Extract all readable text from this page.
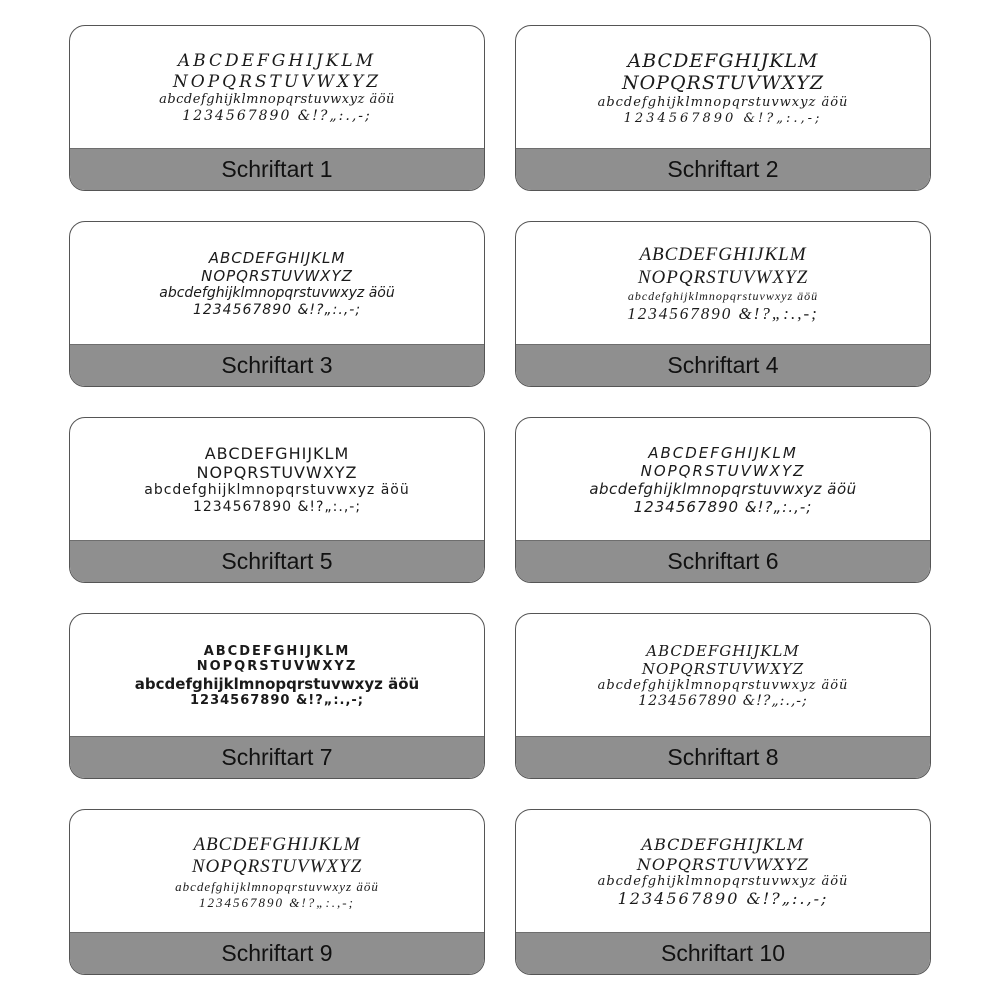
ABCDEFGHIJKLM
NOPQRSTUVWXYZ
abcdefghijklmnopqrstuvwxyz äöü
1234567890 &!?„:.,-;
Schriftart 1
ABCDEFGHIJKLM
NOPQRSTUVWXYZ
abcdefghijklmnopqrstuvwxyz äöü
1234567890 &!?„:.,-;
Schriftart 2
ABCDEFGHIJKLM
NOPQRSTUVWXYZ
abcdefghijklmnopqrstuvwxyz äöü
1234567890 &!?„:.,-;
Schriftart 3
ABCDEFGHIJKLM
NOPQRSTUVWXYZ
abcdefghijklmnopqrstuvwxyz äöü
1234567890 &!?„:.,-;
Schriftart 4
ABCDEFGHIJKLM
NOPQRSTUVWXYZ
abcdefghijklmnopqrstuvwxyz äöü
1234567890 &!?„:.,-;
Schriftart 5
ABCDEFGHIJKLM
NOPQRSTUVWXYZ
abcdefghijklmnopqrstuvwxyz äöü
1234567890 &!?„:.,-;
Schriftart 6
ABCDEFGHIJKLM
NOPQRSTUVWXYZ
abcdefghijklmnopqrstuvwxyz äöü
1234567890 &!?„:.,-;
Schriftart 7
ABCDEFGHIJKLM
NOPQRSTUVWXYZ
abcdefghijklmnopqrstuvwxyz äöü
1234567890 &!?„:.,-;
Schriftart 8
ABCDEFGHIJKLM
NOPQRSTUVWXYZ
abcdefghijklmnopqrstuvwxyz äöü
1234567890 &!?„:.,-;
Schriftart 9
ABCDEFGHIJKLM
NOPQRSTUVWXYZ
abcdefghijklmnopqrstuvwxyz äöü
1234567890 &!?„:.,-;
Schriftart 10
